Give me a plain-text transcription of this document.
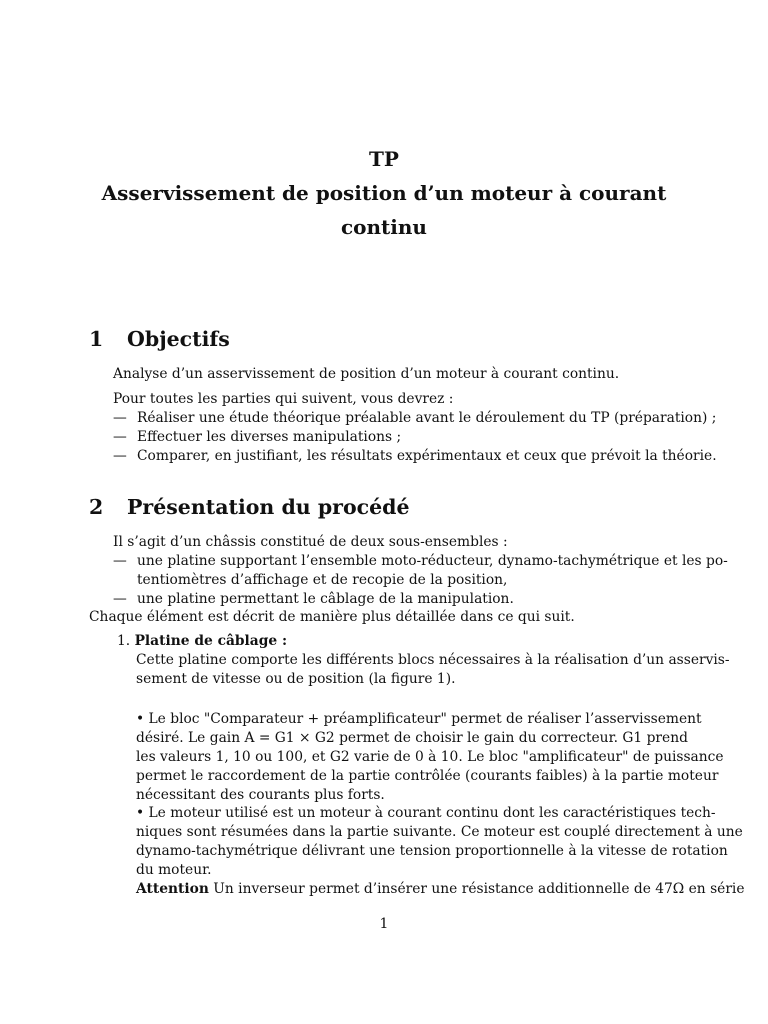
TP
Asservissement de position d’un moteur à courant
continu
1 Objectifs
Analyse d’un asservissement de position d’un moteur à courant continu.
Pour toutes les parties qui suivent, vous devrez :
— Réaliser une étude théorique préalable avant le déroulement du TP (préparation) ;
— Effectuer les diverses manipulations ;
— Comparer, en justifiant, les résultats expérimentaux et ceux que prévoit la théorie.
2 Présentation du procédé
Il s’agit d’un châssis constitué de deux sous-ensembles :
— une platine supportant l’ensemble moto-réducteur, dynamo-tachymétrique et les po-
tentiomètres d’affichage et de recopie de la position,
— une platine permettant le câblage de la manipulation.
Chaque élément est décrit de manière plus détaillée dans ce qui suit.
1. Platine de câblage :
Cette platine comporte les différents blocs nécessaires à la réalisation d’un asservis-
sement de vitesse ou de position (la figure 1).
• Le bloc "Comparateur + préamplificateur" permet de réaliser l’asservissement
désiré. Le gain A = G1 × G2 permet de choisir le gain du correcteur. G1 prend
les valeurs 1, 10 ou 100, et G2 varie de 0 à 10. Le bloc "amplificateur" de puissance
permet le raccordement de la partie contrôlée (courants faibles) à la partie moteur
nécessitant des courants plus forts.
• Le moteur utilisé est un moteur à courant continu dont les caractéristiques tech-
niques sont résumées dans la partie suivante. Ce moteur est couplé directement à une
dynamo-tachymétrique délivrant une tension proportionnelle à la vitesse de rotation
du moteur.
Attention Un inverseur permet d’insérer une résistance additionnelle de 47Ω en série
1
